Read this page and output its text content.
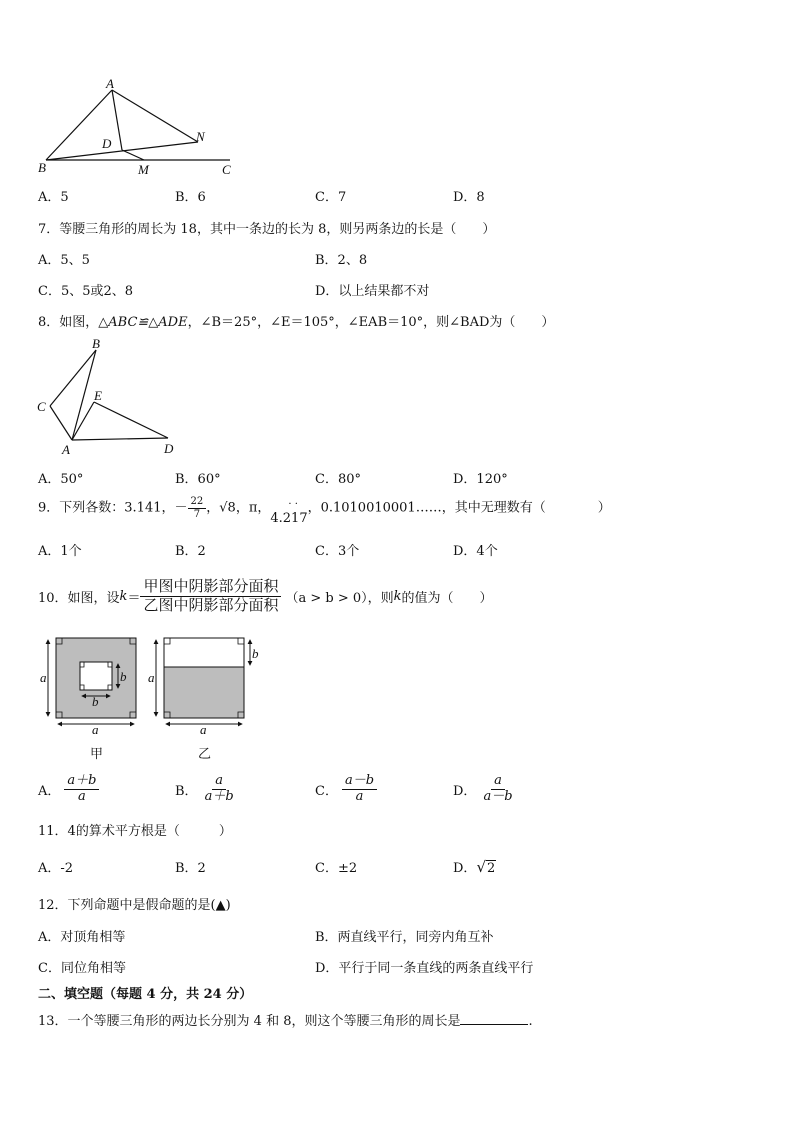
A
B	C
D
M
N
A．5	B．6	C．7	D．8
7．等腰三角形的周长为 18，其中一条边的长为 8，则另两条边的长是（　　）
A．5、5	B．2、8
C．5、5或2、8	D．以上结果都不对
8．如图，△ABC≌△ADE，∠B＝25°，∠E＝105°，∠EAB＝10°，则∠BAD为（　　）
B
C
E
A	D
A．50°	B．60°	C．80°	D．120°
9．下列各数：3.141，－ $\frac{22}{7}$ ，√8，π， · ·
4.217，0.1010010001……，其中无理数有（　　　　）
A．1个	B．2	C．3个	D．4个
10．如图，设 $k = \frac{\text{甲图中阴影部分面积}}{\text{乙图中阴影部分面积}} (a > b > 0)$，则 k 的值为（　　）
a	b
b
a
a
b
a
甲	乙
A． $\frac{a+b}{a}$	B． $\frac{a}{a+b}$	C． $\frac{a-b}{a}$	D． $\frac{a}{a-b}$
11．4的算术平方根是（　　　）
A．-2	B．2	C．±2	D．√2
12．下列命题中是假命题的是(▲)
A．对顶角相等	B．两直线平行，同旁内角互补
C．同位角相等	D．平行于同一条直线的两条直线平行
二、填空题（每题 4 分，共 24 分）
13．一个等腰三角形的两边长分别为 4 和 8，则这个等腰三角形的周长是	.
